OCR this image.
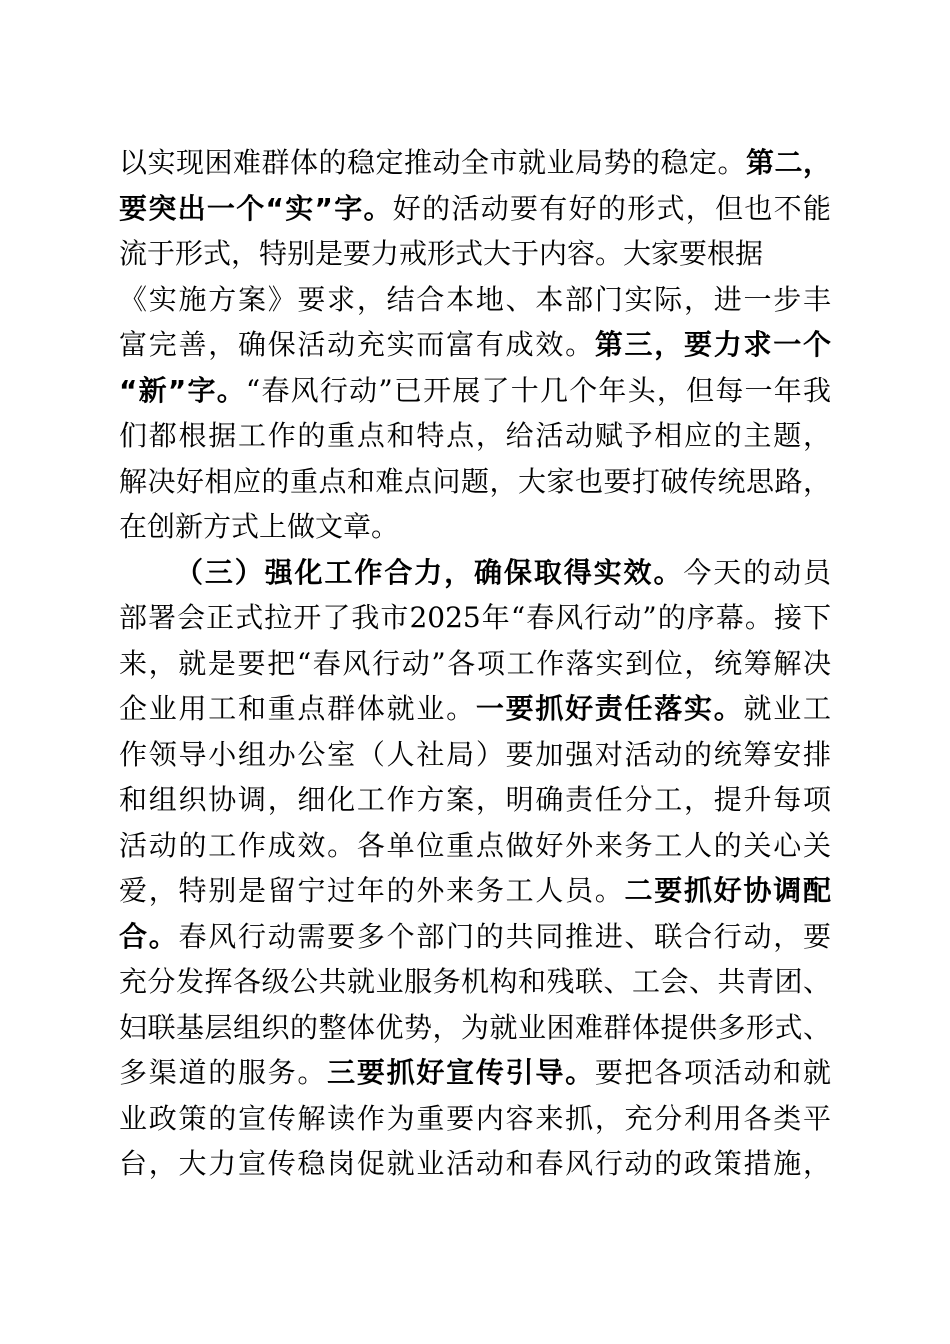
以实现困难群体的稳定推动全市就业局势的稳定。第二，
要突出一个“实”字。好的活动要有好的形式，但也不能
流于形式，特别是要力戒形式大于内容。大家要根据
《实施方案》要求，结合本地、本部门实际，进一步丰
富完善，确保活动充实而富有成效。第三，要力求一个
“新”字。“春风行动”已开展了十几个年头，但每一年我
们都根据工作的重点和特点，给活动赋予相应的主题，
解决好相应的重点和难点问题，大家也要打破传统思路，
在创新方式上做文章。
（三）强化工作合力，确保取得实效。今天的动员
部署会正式拉开了我市2025年“春风行动”的序幕。接下
来，就是要把“春风行动”各项工作落实到位，统筹解决
企业用工和重点群体就业。一要抓好责任落实。就业工
作领导小组办公室（人社局）要加强对活动的统筹安排
和组织协调，细化工作方案，明确责任分工，提升每项
活动的工作成效。各单位重点做好外来务工人的关心关
爱，特别是留宁过年的外来务工人员。二要抓好协调配
合。春风行动需要多个部门的共同推进、联合行动，要
充分发挥各级公共就业服务机构和残联、工会、共青团、
妇联基层组织的整体优势，为就业困难群体提供多形式、
多渠道的服务。三要抓好宣传引导。要把各项活动和就
业政策的宣传解读作为重要内容来抓，充分利用各类平
台，大力宣传稳岗促就业活动和春风行动的政策措施，
